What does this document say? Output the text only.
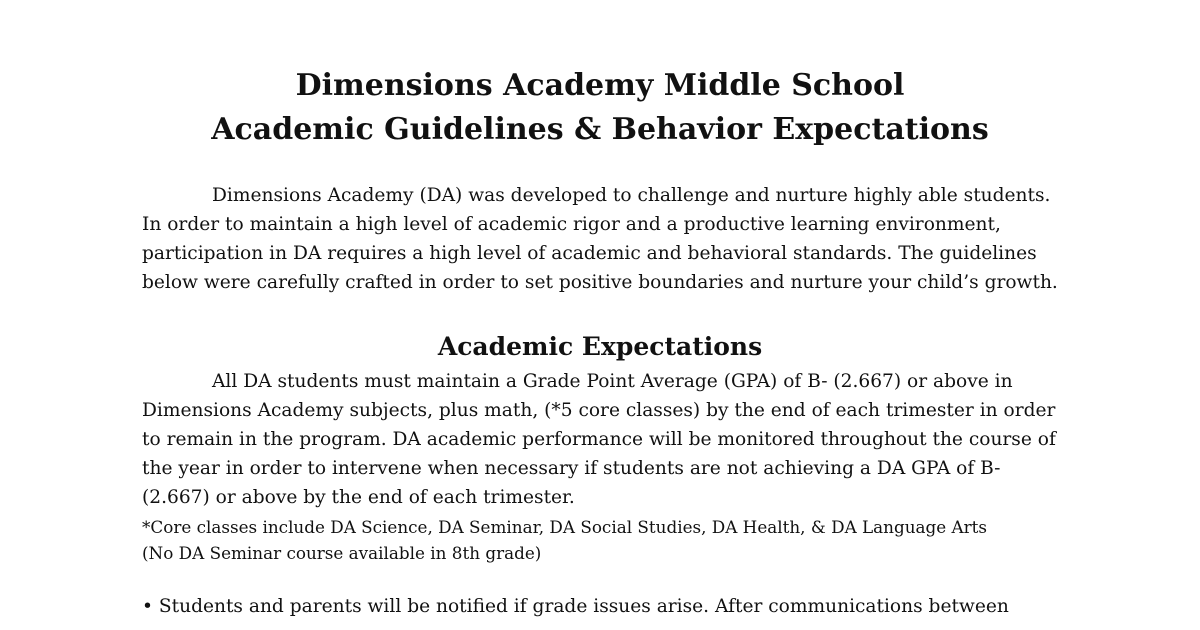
Dimensions Academy Middle School
Academic Guidelines & Behavior Expectations
Dimensions Academy (DA) was developed to challenge and nurture highly able students.
In order to maintain a high level of academic rigor and a productive learning environment,
participation in DA requires a high level of academic and behavioral standards. The guidelines
below were carefully crafted in order to set positive boundaries and nurture your child’s growth.
Academic Expectations
All DA students must maintain a Grade Point Average (GPA) of B- (2.667) or above in
Dimensions Academy subjects, plus math, (*5 core classes) by the end of each trimester in order
to remain in the program. DA academic performance will be monitored throughout the course of
the year in order to intervene when necessary if students are not achieving a DA GPA of B-
(2.667) or above by the end of each trimester.
*Core classes include DA Science, DA Seminar, DA Social Studies, DA Health, & DA Language Arts
(No DA Seminar course available in 8th grade)
• Students and parents will be notified if grade issues arise. After communications between
